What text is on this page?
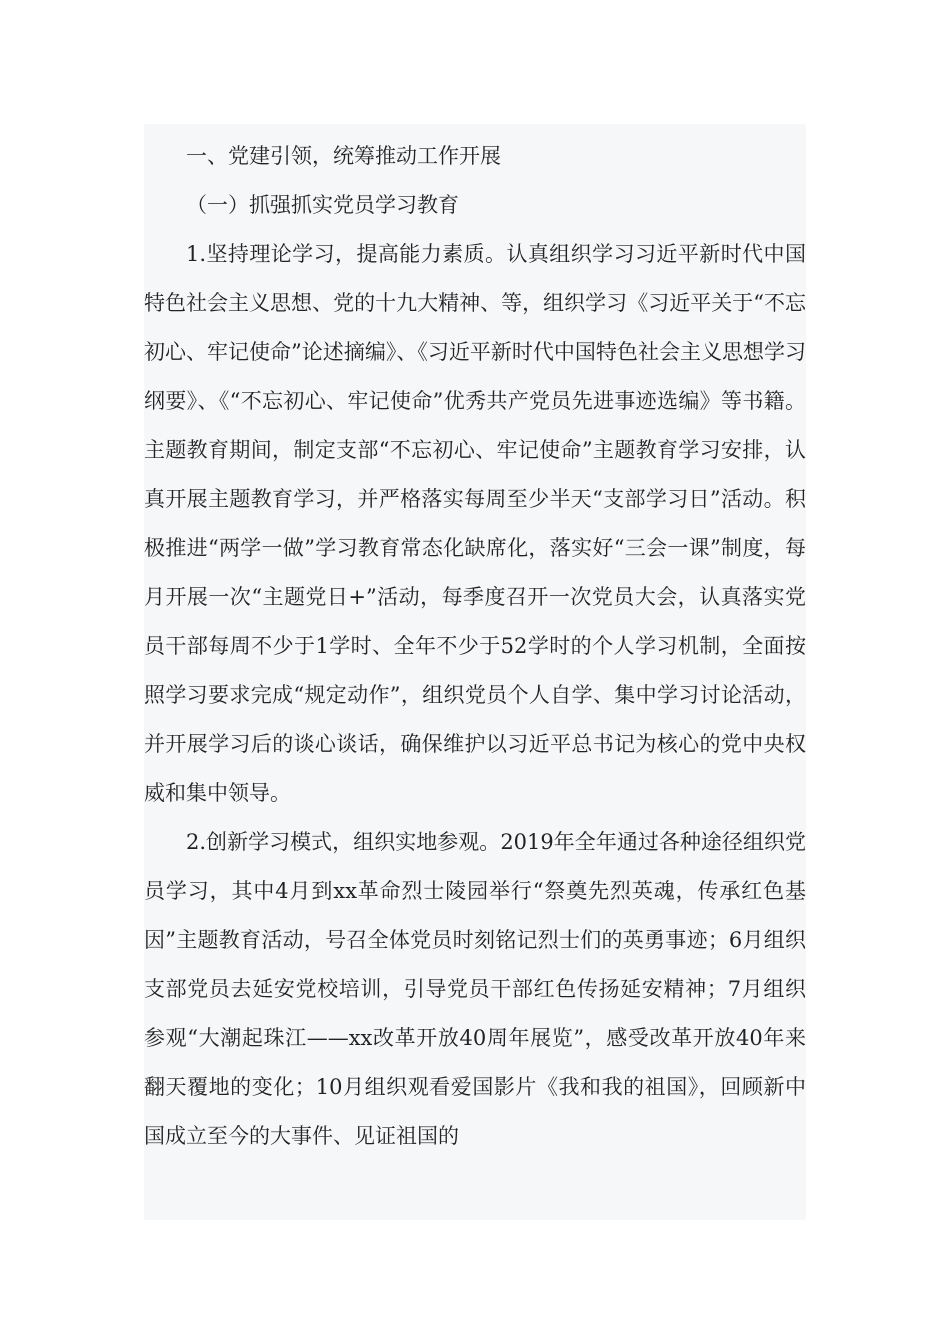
一、党建引领，统筹推动工作开展

（一）抓强抓实党员学习教育

1.坚持理论学习，提高能力素质。认真组织学习习近平新时代中国特色社会主义思想、党的十九大精神、等，组织学习《习近平关于“不忘初心、牢记使命”论述摘编》、《习近平新时代中国特色社会主义思想学习纲要》、《“不忘初心、牢记使命”优秀共产党员先进事迹选编》等书籍。主题教育期间，制定支部“不忘初心、牢记使命”主题教育学习安排，认真开展主题教育学习，并严格落实每周至少半天“支部学习日”活动。积极推进“两学一做”学习教育常态化缺席化，落实好“三会一课”制度，每月开展一次“主题党日+”活动，每季度召开一次党员大会，认真落实党员干部每周不少于1学时、全年不少于52学时的个人学习机制，全面按照学习要求完成“规定动作”，组织党员个人自学、集中学习讨论活动，并开展学习后的谈心谈话，确保维护以习近平总书记为核心的党中央权威和集中领导。

2.创新学习模式，组织实地参观。2019年全年通过各种途径组织党员学习，其中4月到xx革命烈士陵园举行“祭奠先烈英魂，传承红色基因”主题教育活动，号召全体党员时刻铭记烈士们的英勇事迹；6月组织支部党员去延安党校培训，引导党员干部红色传扬延安精神；7月组织参观“大潮起珠江——xx改革开放40周年展览”，感受改革开放40年来翻天覆地的变化；10月组织观看爱国影片《我和我的祖国》，回顾新中国成立至今的大事件、见证祖国的
